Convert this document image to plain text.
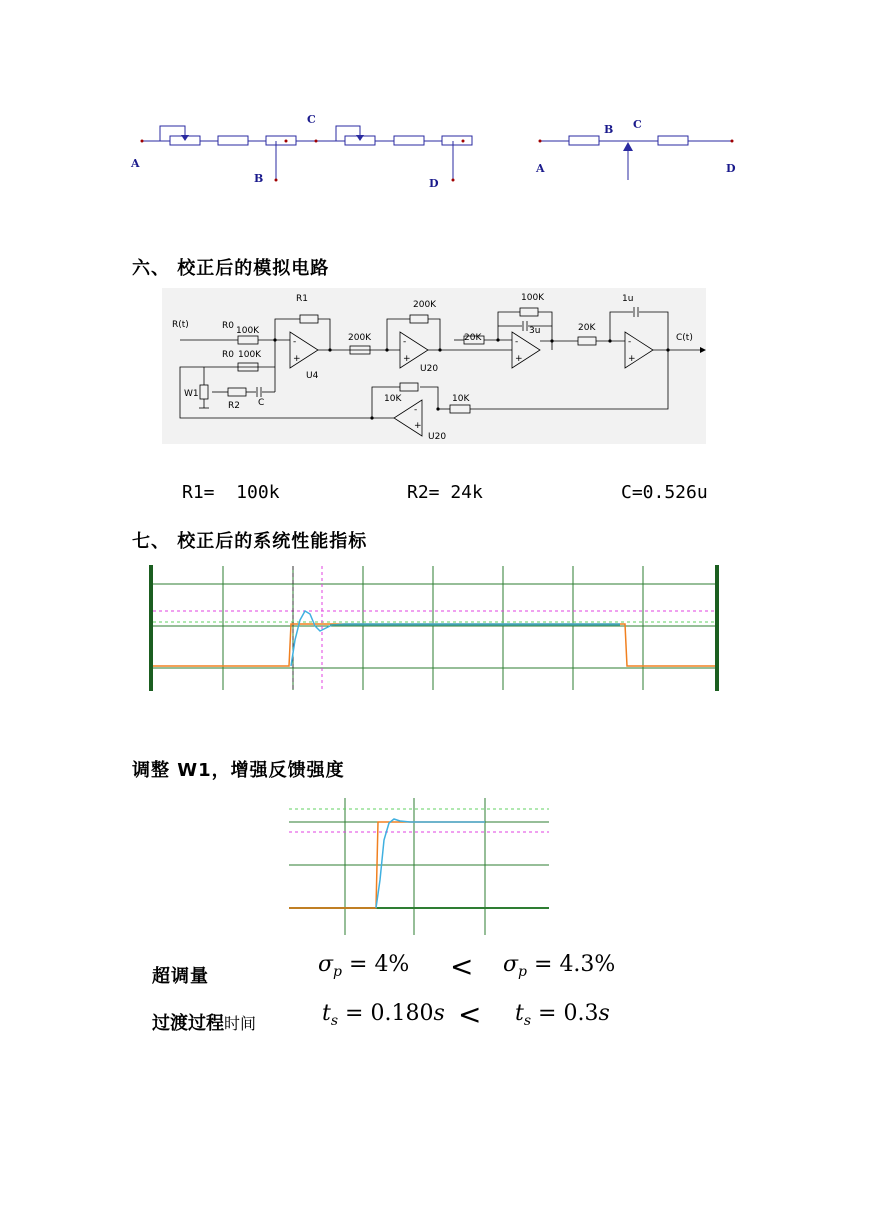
A
B
C
D
A
B C
D
六、 校正后的模拟电路
-
+
-
+
-
+
-
+
-
+
R(t)
C(t)
R0 100K
R0 100K
R1
U4
200K
200K
U20
20K
100K
3u	20K
1u
W1
R2 C	10K	10K
U20
R1=  100k	R2= 24k	C=0.526u
七、 校正后的系统性能指标
调整 W1，增强反馈强度
超调量	$\sigma_p = 4\% < \sigma_p = 4.3\%$
过渡过程时间	$t_s = 0.180s < t_s = 0.3s$
